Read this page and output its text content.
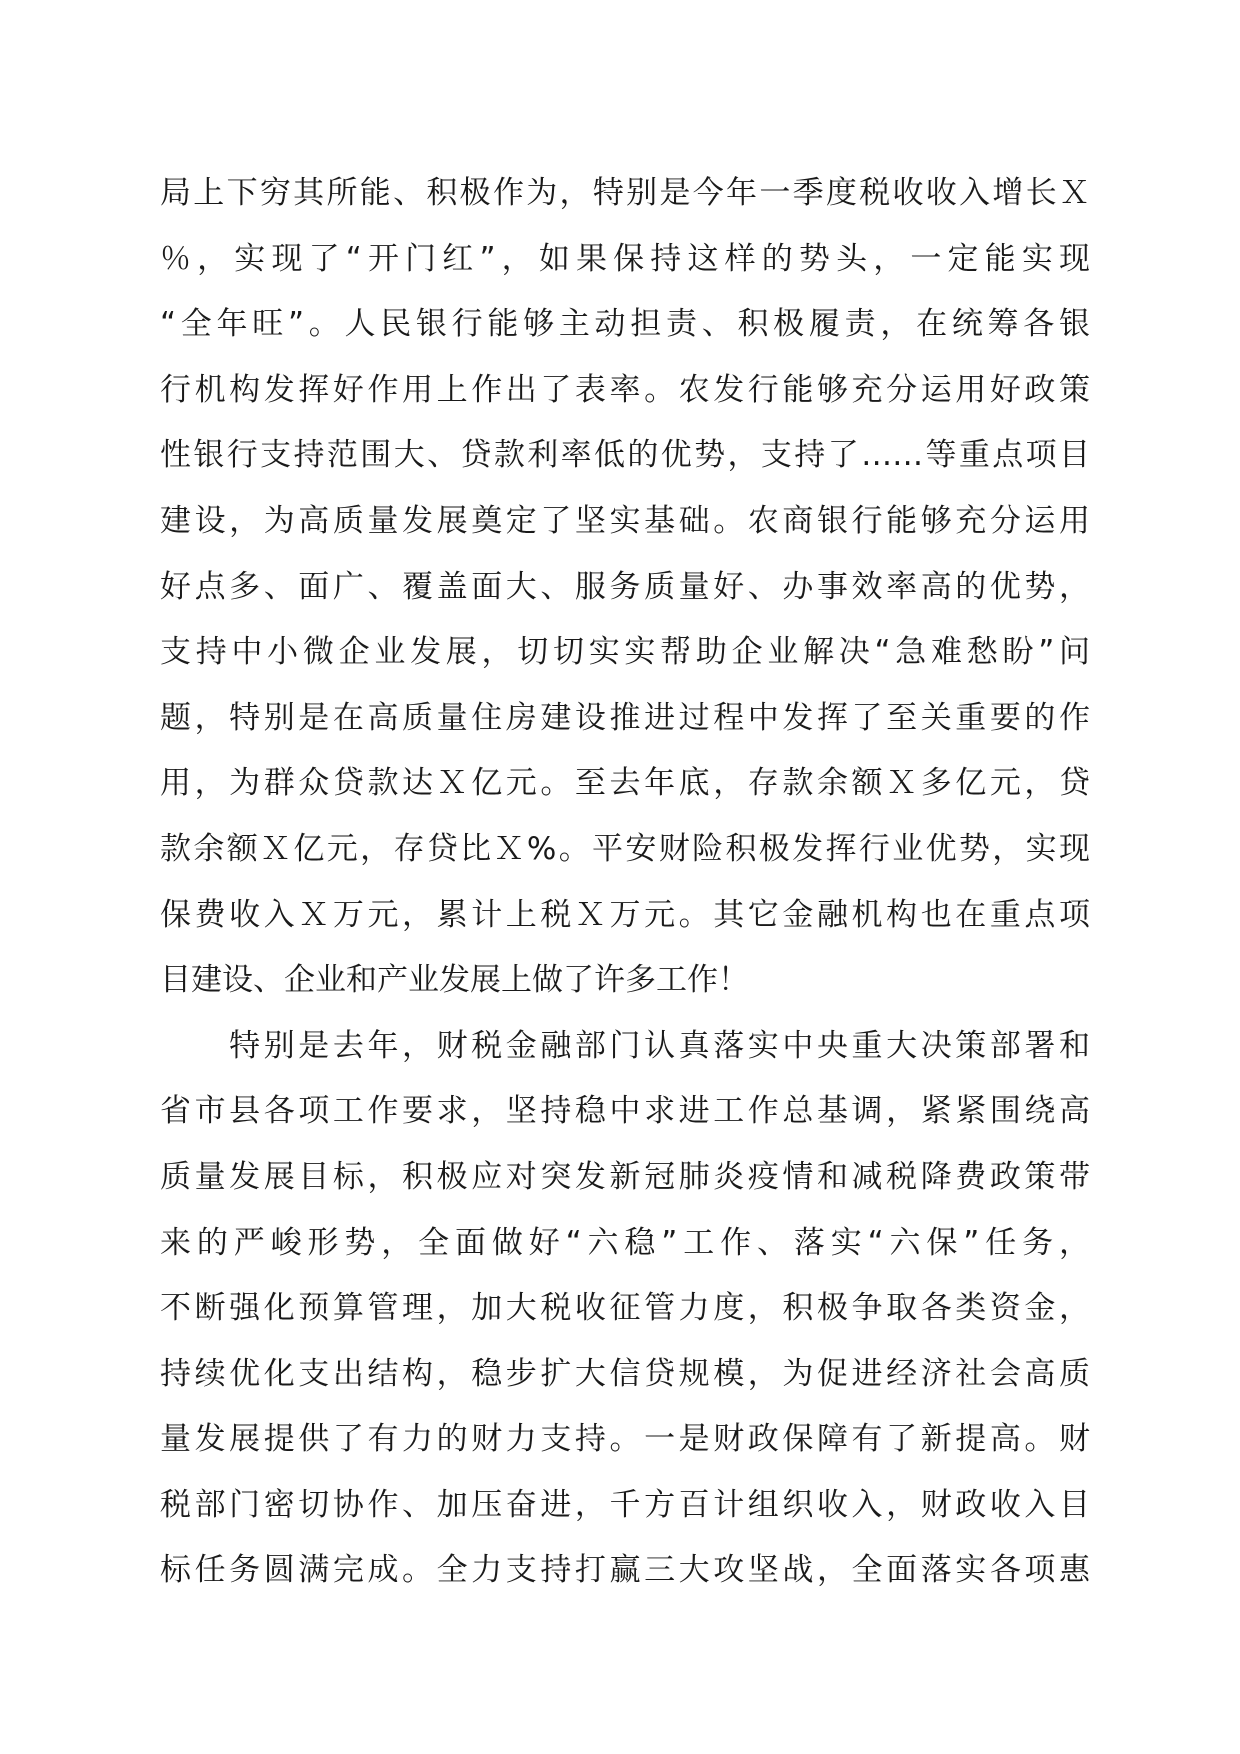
局上下穷其所能、积极作为，特别是今年一季度税收收入增长Ｘ
％，实现了“开门红”，如果保持这样的势头，一定能实现
“全年旺”。人民银行能够主动担责、积极履责，在统筹各银
行机构发挥好作用上作出了表率。农发行能够充分运用好政策
性银行支持范围大、贷款利率低的优势，支持了……等重点项目
建设，为高质量发展奠定了坚实基础。农商银行能够充分运用
好点多、面广、覆盖面大、服务质量好、办事效率高的优势，
支持中小微企业发展，切切实实帮助企业解决“急难愁盼”问
题，特别是在高质量住房建设推进过程中发挥了至关重要的作
用，为群众贷款达Ｘ亿元。至去年底，存款余额Ｘ多亿元，贷
款余额Ｘ亿元，存贷比Ｘ%。平安财险积极发挥行业优势，实现
保费收入Ｘ万元，累计上税Ｘ万元。其它金融机构也在重点项
目建设、企业和产业发展上做了许多工作！
　　特别是去年，财税金融部门认真落实中央重大决策部署和
省市县各项工作要求，坚持稳中求进工作总基调，紧紧围绕高
质量发展目标，积极应对突发新冠肺炎疫情和减税降费政策带
来的严峻形势，全面做好“六稳”工作、落实“六保”任务，
不断强化预算管理，加大税收征管力度，积极争取各类资金，
持续优化支出结构，稳步扩大信贷规模，为促进经济社会高质
量发展提供了有力的财力支持。一是财政保障有了新提高。财
税部门密切协作、加压奋进，千方百计组织收入，财政收入目
标任务圆满完成。全力支持打赢三大攻坚战，全面落实各项惠
